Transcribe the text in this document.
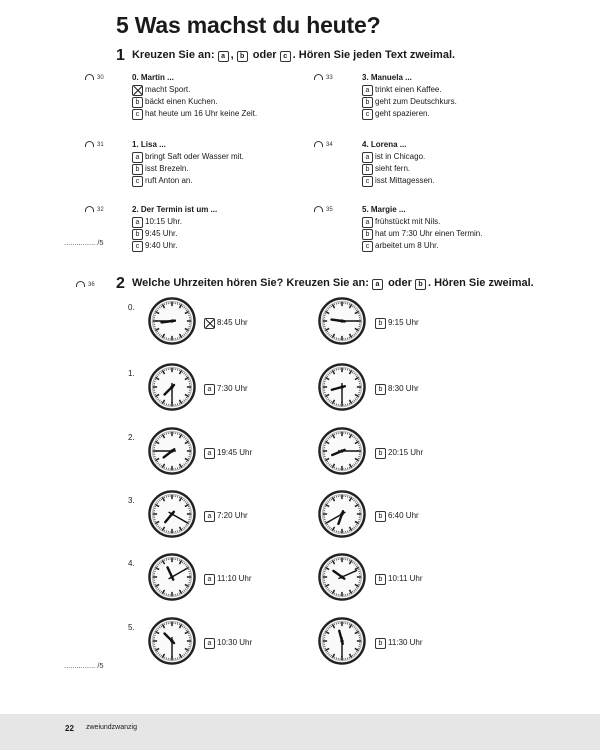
5 Was machst du heute?
1 Kreuzen Sie an: a , b oder c . Hören Sie jeden Text zweimal.
30	0. Martin ...
macht Sport.
b bäckt einen Kuchen.
c hat heute um 16 Uhr keine Zeit.
33	3. Manuela ...
a trinkt einen Kaffee.
b geht zum Deutschkurs.
c geht spazieren.
31	1. Lisa ...
a bringt Saft oder Wasser mit.
b isst Brezeln.
c ruft Anton an.
34	4. Lorena ...
a ist in Chicago.
b sieht fern.
c isst Mittagessen.
32	2. Der Termin ist um ...
a 10:15 Uhr.
b 9:45 Uhr.
c 9:40 Uhr.
35	5. Margie ...
a frühstückt mit Nils.
b hat um 7:30 Uhr einen Termin.
c arbeitet um 8 Uhr.
............... /5
36 2 Welche Uhrzeiten hören Sie? Kreuzen Sie an: a oder b . Hören Sie zweimal.
0.
8:45 Uhr	b 9:15 Uhr
1.
a 7:30 Uhr	b 8:30 Uhr
2.
a 19:45 Uhr	b 20:15 Uhr
3.
a 7:20 Uhr	b 6:40 Uhr
4.
a 11:10 Uhr	b 10:11 Uhr
5.
a 10:30 Uhr	b 11:30 Uhr
............... /5
22 zweiundzwanzig
